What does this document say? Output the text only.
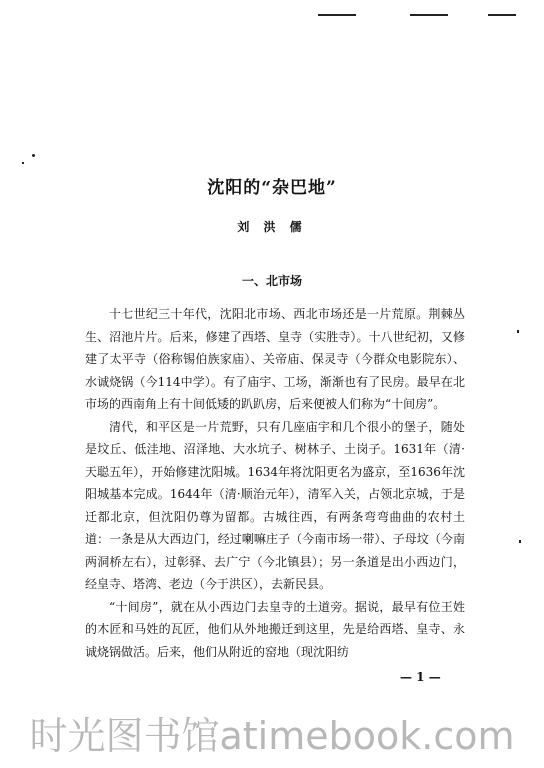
沈阳的“杂巴地”
刘 洪 儒
一、北市场

十七世纪三十年代，沈阳北市场、西北市场还是一片荒原。荆棘丛生、沼池片片。后来，修建了西塔、皇寺（实胜寺）。十八世纪初，又修建了太平寺（俗称锡伯族家庙）、关帝庙、保灵寺（今群众电影院东）、水诚烧锅（今114中学）。有了庙宇、工场，渐渐也有了民房。最早在北市场的西南角上有十间低矮的趴趴房，后来便被人们称为“十间房”。

清代，和平区是一片荒野，只有几座庙宇和几个很小的堡子，随处是坟丘、低洼地、沼泽地、大水坑子、树林子、土岗子。1631年（清·天聪五年），开始修建沈阳城。1634年将沈阳更名为盛京，至1636年沈阳城基本完成。1644年（清·顺治元年），清军入关，占领北京城，于是迁都北京，但沈阳仍尊为留都。古城往西，有两条弯弯曲曲的农村土道：一条是从大西边门，经过喇嘛庄子（今南市场一带）、子母坟（今南两洞桥左右），过彰驿、去广宁（今北镇县）；另一条道是出小西边门，经皇寺、塔湾、老边（今于洪区），去新民县。

“十间房”，就在从小西边门去皇寺的土道旁。据说，最早有位王姓的木匠和马姓的瓦匠，他们从外地搬迁到这里，先是给西塔、皇寺、永诚烧锅做活。后来，他们从附近的窑地（现沈阳纺

— 1 —
时光图书馆atimebook.com
